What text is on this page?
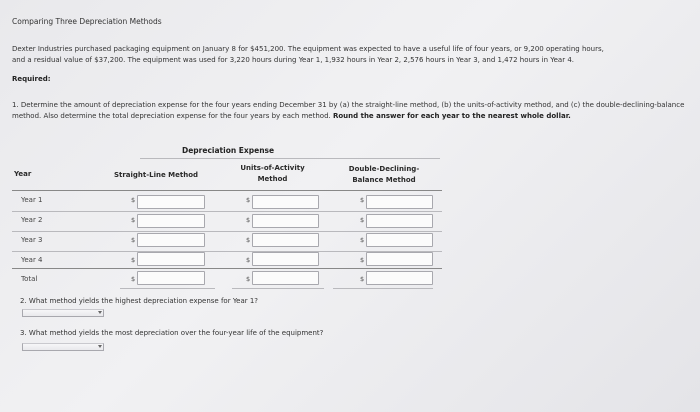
Comparing Three Depreciation Methods
Dexter Industries purchased packaging equipment on January 8 for $451,200. The equipment was expected to have a useful life of four years, or 9,200 operating hours,
and a residual value of $37,200. The equipment was used for 3,220 hours during Year 1, 1,932 hours in Year 2, 2,576 hours in Year 3, and 1,472 hours in Year 4.
Required:
1. Determine the amount of depreciation expense for the four years ending December 31 by (a) the straight-line method, (b) the units-of-activity method, and (c) the double-declining-balance method. Also determine the total depreciation expense for the four years by each method. Round the answer for each year to the nearest whole dollar.
Depreciation Expense
Year	Straight-Line Method
Units-of-Activity
Method
Double-Declining-
Balance Method
Year 1
Year 2
Year 3
Year 4
Total
$
$
$
$
$
$
$
$
$
$
$
$
$
$
$
2. What method yields the highest depreciation expense for Year 1?
3. What method yields the most depreciation over the four-year life of the equipment?
